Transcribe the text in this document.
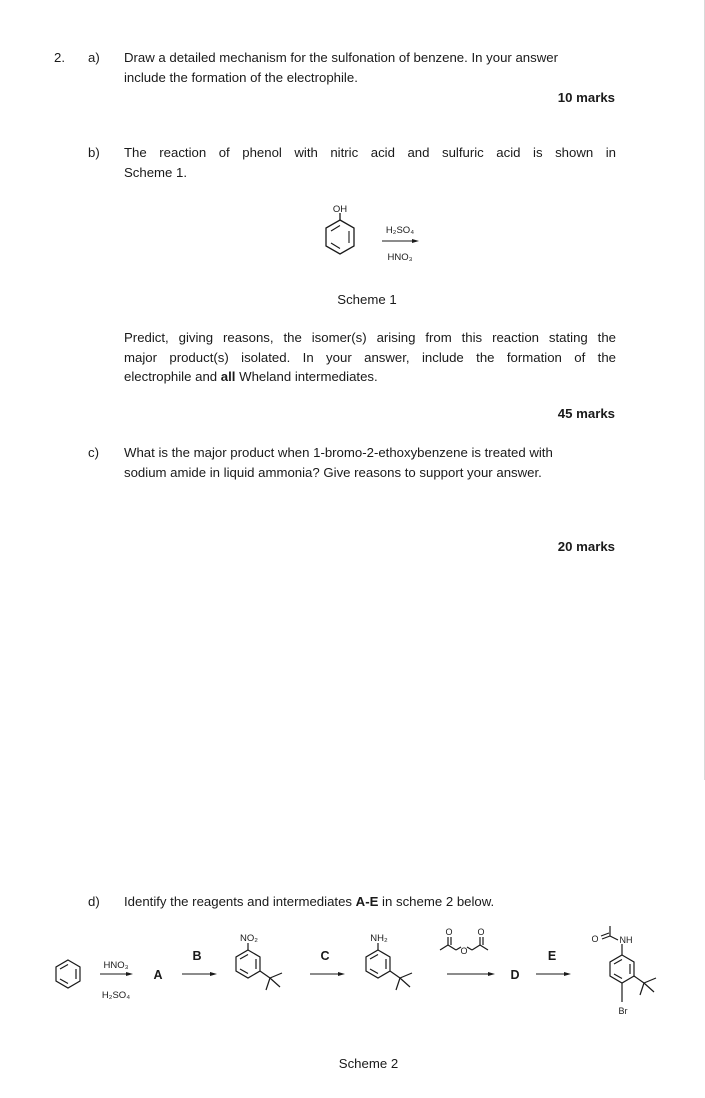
2. a) Draw a detailed mechanism for the sulfonation of benzene. In your answer
include the formation of the electrophile.
10 marks
b) The reaction of phenol with nitric acid and sulfuric acid is shown in
Scheme 1.
OH
H₂SO₄
HNO₃
Scheme 1
Predict, giving reasons, the isomer(s) arising from this reaction stating the
major product(s) isolated. In your answer, include the formation of the
electrophile and all Wheland intermediates.
45 marks
c) What is the major product when 1-bromo-2-ethoxybenzene is treated with
sodium amide in liquid ammonia? Give reasons to support your answer.
20 marks
d) Identify the reagents and intermediates A-E in scheme 2 below.
HNO₃
H₂SO₄
A
B
NO₂
C
NH₂
O	O
O
D
E
O NH
Br
Scheme 2
